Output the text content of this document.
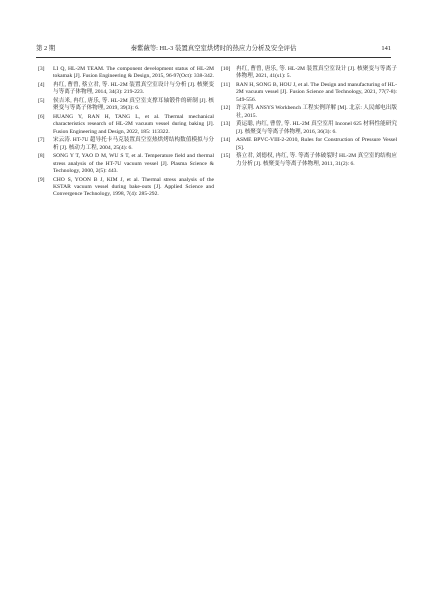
第 2 期	秦紫薇等: HL-3 装置真空室烘烤时的热应力分析及安全评估	141
[3] LI Q, HL-2M TEAM. The component development status of HL-2M tokamak [J]. Fusion Engineering & Design, 2015, 96-97(Oct): 338-342.
[4] 冉红, 曹曾, 蔡立君, 等. HL-2M 装置真空室设计与分析 [J]. 核聚变与等离子体物理, 2014, 34(3): 219-223.
[5] 侯吉米, 冉红, 唐乐, 等. HL-2M 真空室支撑耳轴锻件的研制 [J]. 核聚变与等离子体物理, 2019, 39(3): 6.
[6] HUANG Y, RAN H, TANG L, et al. Thermal mechanical characteristics research of HL-2M vacuum vessel during baking [J]. Fusion Engineering and Design, 2022, 185: 113322.
[7] 宋云涛. HT-7U 超导托卡马克装置真空室热烘烤结构数值模拟与分析 [J]. 核动力工程, 2004, 25(4): 6.
[8] SONG Y T, YAO D M, WU S T, et al. Temperature field and thermal stress analysis of the HT-7U vacuum vessel [J]. Plasma Science & Technology, 2000, 2(5): 443.
[9] CHO S, YOON B J, KIM J, et al. Thermal stress analysis of the KSTAR vacuum vessel during bake-outs [J]. Applied Science and Convergence Technology, 1998, 7(4): 285-292.
[10] 冉红, 曹曾, 唐乐, 等. HL-2M 装置真空室设计 [J]. 核聚变与等离子体物理, 2021, 41(s1): 5.
[11] RAN H, SONG B, HOU J, et al. The Design and manufacturing of HL-2M vacuum vessel [J]. Fusion Science and Technology, 2021, 77(7-8): 549-556.
[12] 许京荆. ANSYS Workbench 工程实例详解 [M]. 北京: 人民邮电出版社, 2015.
[13] 黄运聪, 冉红, 曹曾, 等. HL-2M 真空室用 Inconel 625 材料性能研究 [J]. 核聚变与等离子体物理, 2016, 36(3): 6.
[14] ASME BPVC-VIII-2-2010, Rules for Construction of Pressure Vessel [S].
[15] 蔡立君, 刘德权, 冉红, 等. 等离子体破裂时 HL-2M 真空室的结构应力分析 [J]. 核聚变与等离子体物理, 2011, 31(2): 6.
